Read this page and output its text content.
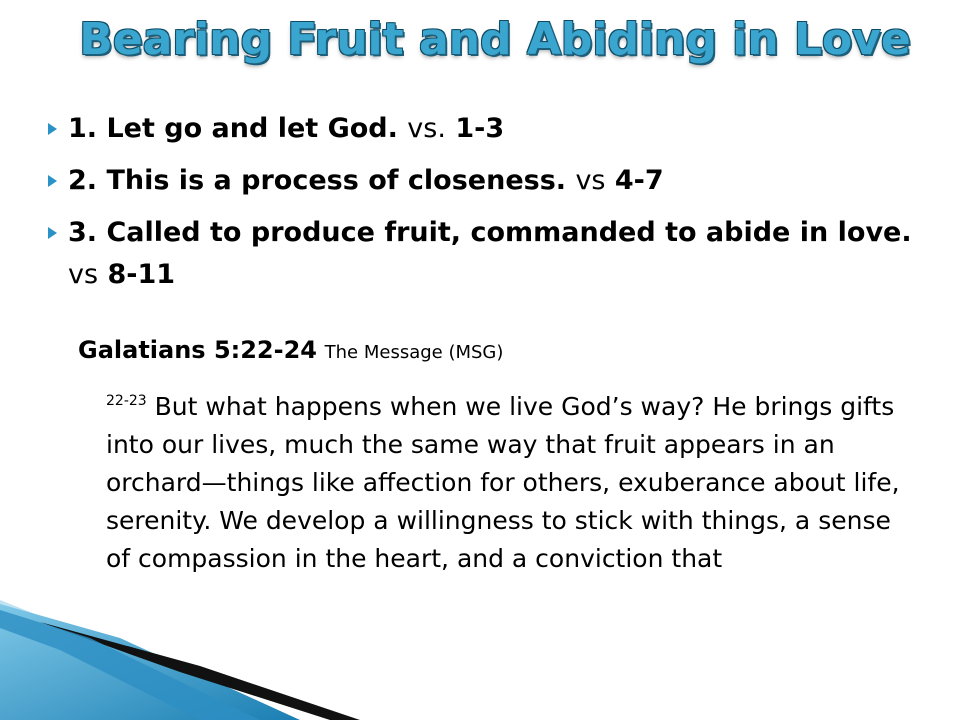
Bearing Fruit and Abiding in Love
1. Let go and let God. vs. 1-3
2. This is a process of closeness. vs 4-7
3. Called to produce fruit, commanded to abide in love. vs 8-11
Galatians 5:22-24 The Message (MSG)
$^{22-23}$ But what happens when we live God’s way? He brings gifts into our lives, much the same way that fruit appears in an orchard—things like affection for others, exuberance about life, serenity. We develop a willingness to stick with things, a sense of compassion in the heart, and a conviction that
